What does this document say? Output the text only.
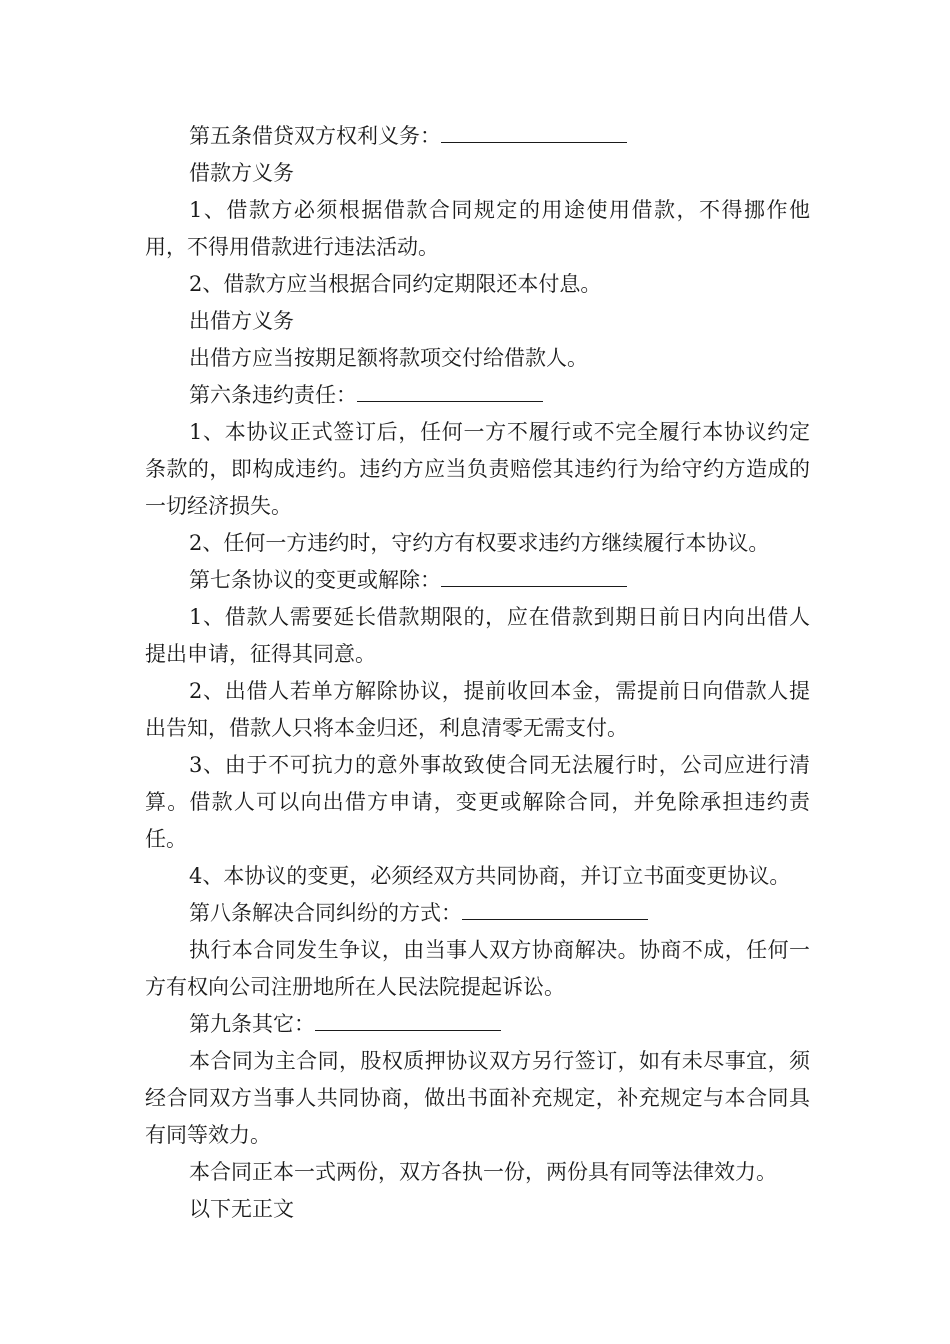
第五条借贷双方权利义务：

借款方义务

1、借款方必须根据借款合同规定的用途使用借款，不得挪作他用，不得用借款进行违法活动。

2、借款方应当根据合同约定期限还本付息。

出借方义务

出借方应当按期足额将款项交付给借款人。

第六条违约责任：

1、本协议正式签订后，任何一方不履行或不完全履行本协议约定条款的，即构成违约。违约方应当负责赔偿其违约行为给守约方造成的一切经济损失。

2、任何一方违约时，守约方有权要求违约方继续履行本协议。

第七条协议的变更或解除：

1、借款人需要延长借款期限的，应在借款到期日前日内向出借人提出申请，征得其同意。

2、出借人若单方解除协议，提前收回本金，需提前日向借款人提出告知，借款人只将本金归还，利息清零无需支付。

3、由于不可抗力的意外事故致使合同无法履行时，公司应进行清算。借款人可以向出借方申请，变更或解除合同，并免除承担违约责任。

4、本协议的变更，必须经双方共同协商，并订立书面变更协议。

第八条解决合同纠纷的方式：

执行本合同发生争议，由当事人双方协商解决。协商不成，任何一方有权向公司注册地所在人民法院提起诉讼。

第九条其它：

本合同为主合同，股权质押协议双方另行签订，如有未尽事宜，须经合同双方当事人共同协商，做出书面补充规定，补充规定与本合同具有同等效力。

本合同正本一式两份，双方各执一份，两份具有同等法律效力。

以下无正文
